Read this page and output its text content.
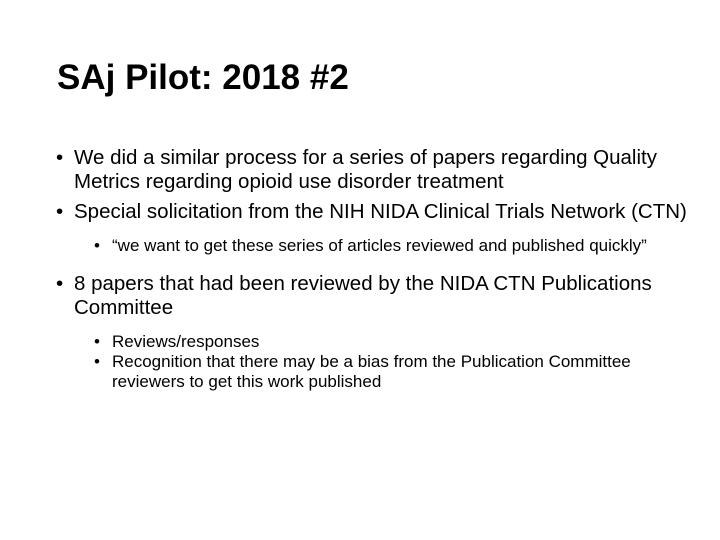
SAj Pilot: 2018 #2
• We did a similar process for a series of papers regarding Quality Metrics regarding opioid use disorder treatment
• Special solicitation from the NIH NIDA Clinical Trials Network (CTN)
• “we want to get these series of articles reviewed and published quickly”
• 8 papers that had been reviewed by the NIDA CTN Publications Committee
• Reviews/responses
• Recognition that there may be a bias from the Publication Committee reviewers to get this work published
